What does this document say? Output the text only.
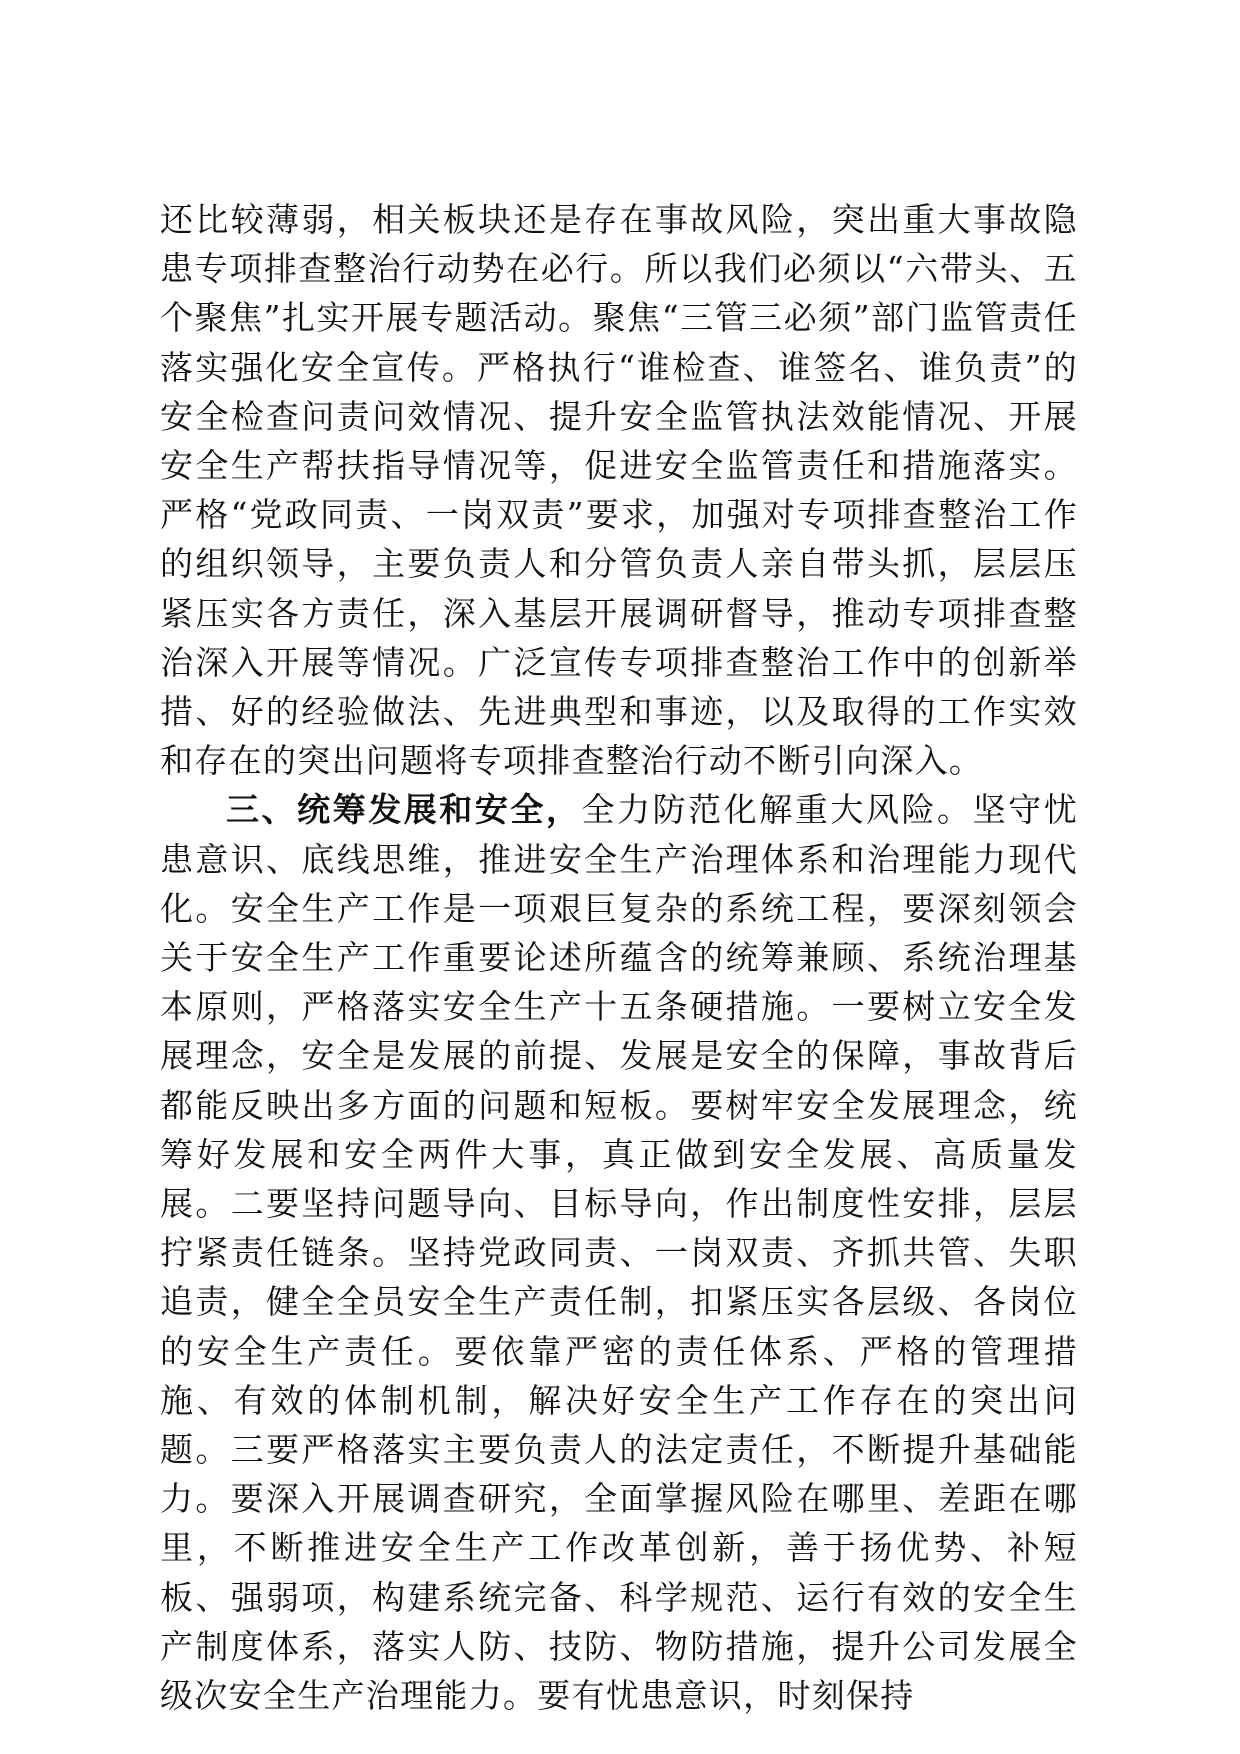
还比较薄弱，相关板块还是存在事故风险，突出重大事故隐患专项排查整治行动势在必行。所以我们必须以“六带头、五个聚焦”扎实开展专题活动。聚焦“三管三必须”部门监管责任落实强化安全宣传。严格执行“谁检查、谁签名、谁负责”的安全检查问责问效情况、提升安全监管执法效能情况、开展安全生产帮扶指导情况等，促进安全监管责任和措施落实。严格“党政同责、一岗双责”要求，加强对专项排查整治工作的组织领导，主要负责人和分管负责人亲自带头抓，层层压紧压实各方责任，深入基层开展调研督导，推动专项排查整治深入开展等情况。广泛宣传专项排查整治工作中的创新举措、好的经验做法、先进典型和事迹，以及取得的工作实效和存在的突出问题将专项排查整治行动不断引向深入。

三、统筹发展和安全，全力防范化解重大风险。坚守忧患意识、底线思维，推进安全生产治理体系和治理能力现代化。安全生产工作是一项艰巨复杂的系统工程，要深刻领会关于安全生产工作重要论述所蕴含的统筹兼顾、系统治理基本原则，严格落实安全生产十五条硬措施。一要树立安全发展理念，安全是发展的前提、发展是安全的保障，事故背后都能反映出多方面的问题和短板。要树牢安全发展理念，统筹好发展和安全两件大事，真正做到安全发展、高质量发展。二要坚持问题导向、目标导向，作出制度性安排，层层拧紧责任链条。坚持党政同责、一岗双责、齐抓共管、失职追责，健全全员安全生产责任制，扣紧压实各层级、各岗位的安全生产责任。要依靠严密的责任体系、严格的管理措施、有效的体制机制，解决好安全生产工作存在的突出问题。三要严格落实主要负责人的法定责任，不断提升基础能力。要深入开展调查研究，全面掌握风险在哪里、差距在哪里，不断推进安全生产工作改革创新，善于扬优势、补短板、强弱项，构建系统完备、科学规范、运行有效的安全生产制度体系，落实人防、技防、物防措施，提升公司发展全级次安全生产治理能力。要有忧患意识，时刻保持
